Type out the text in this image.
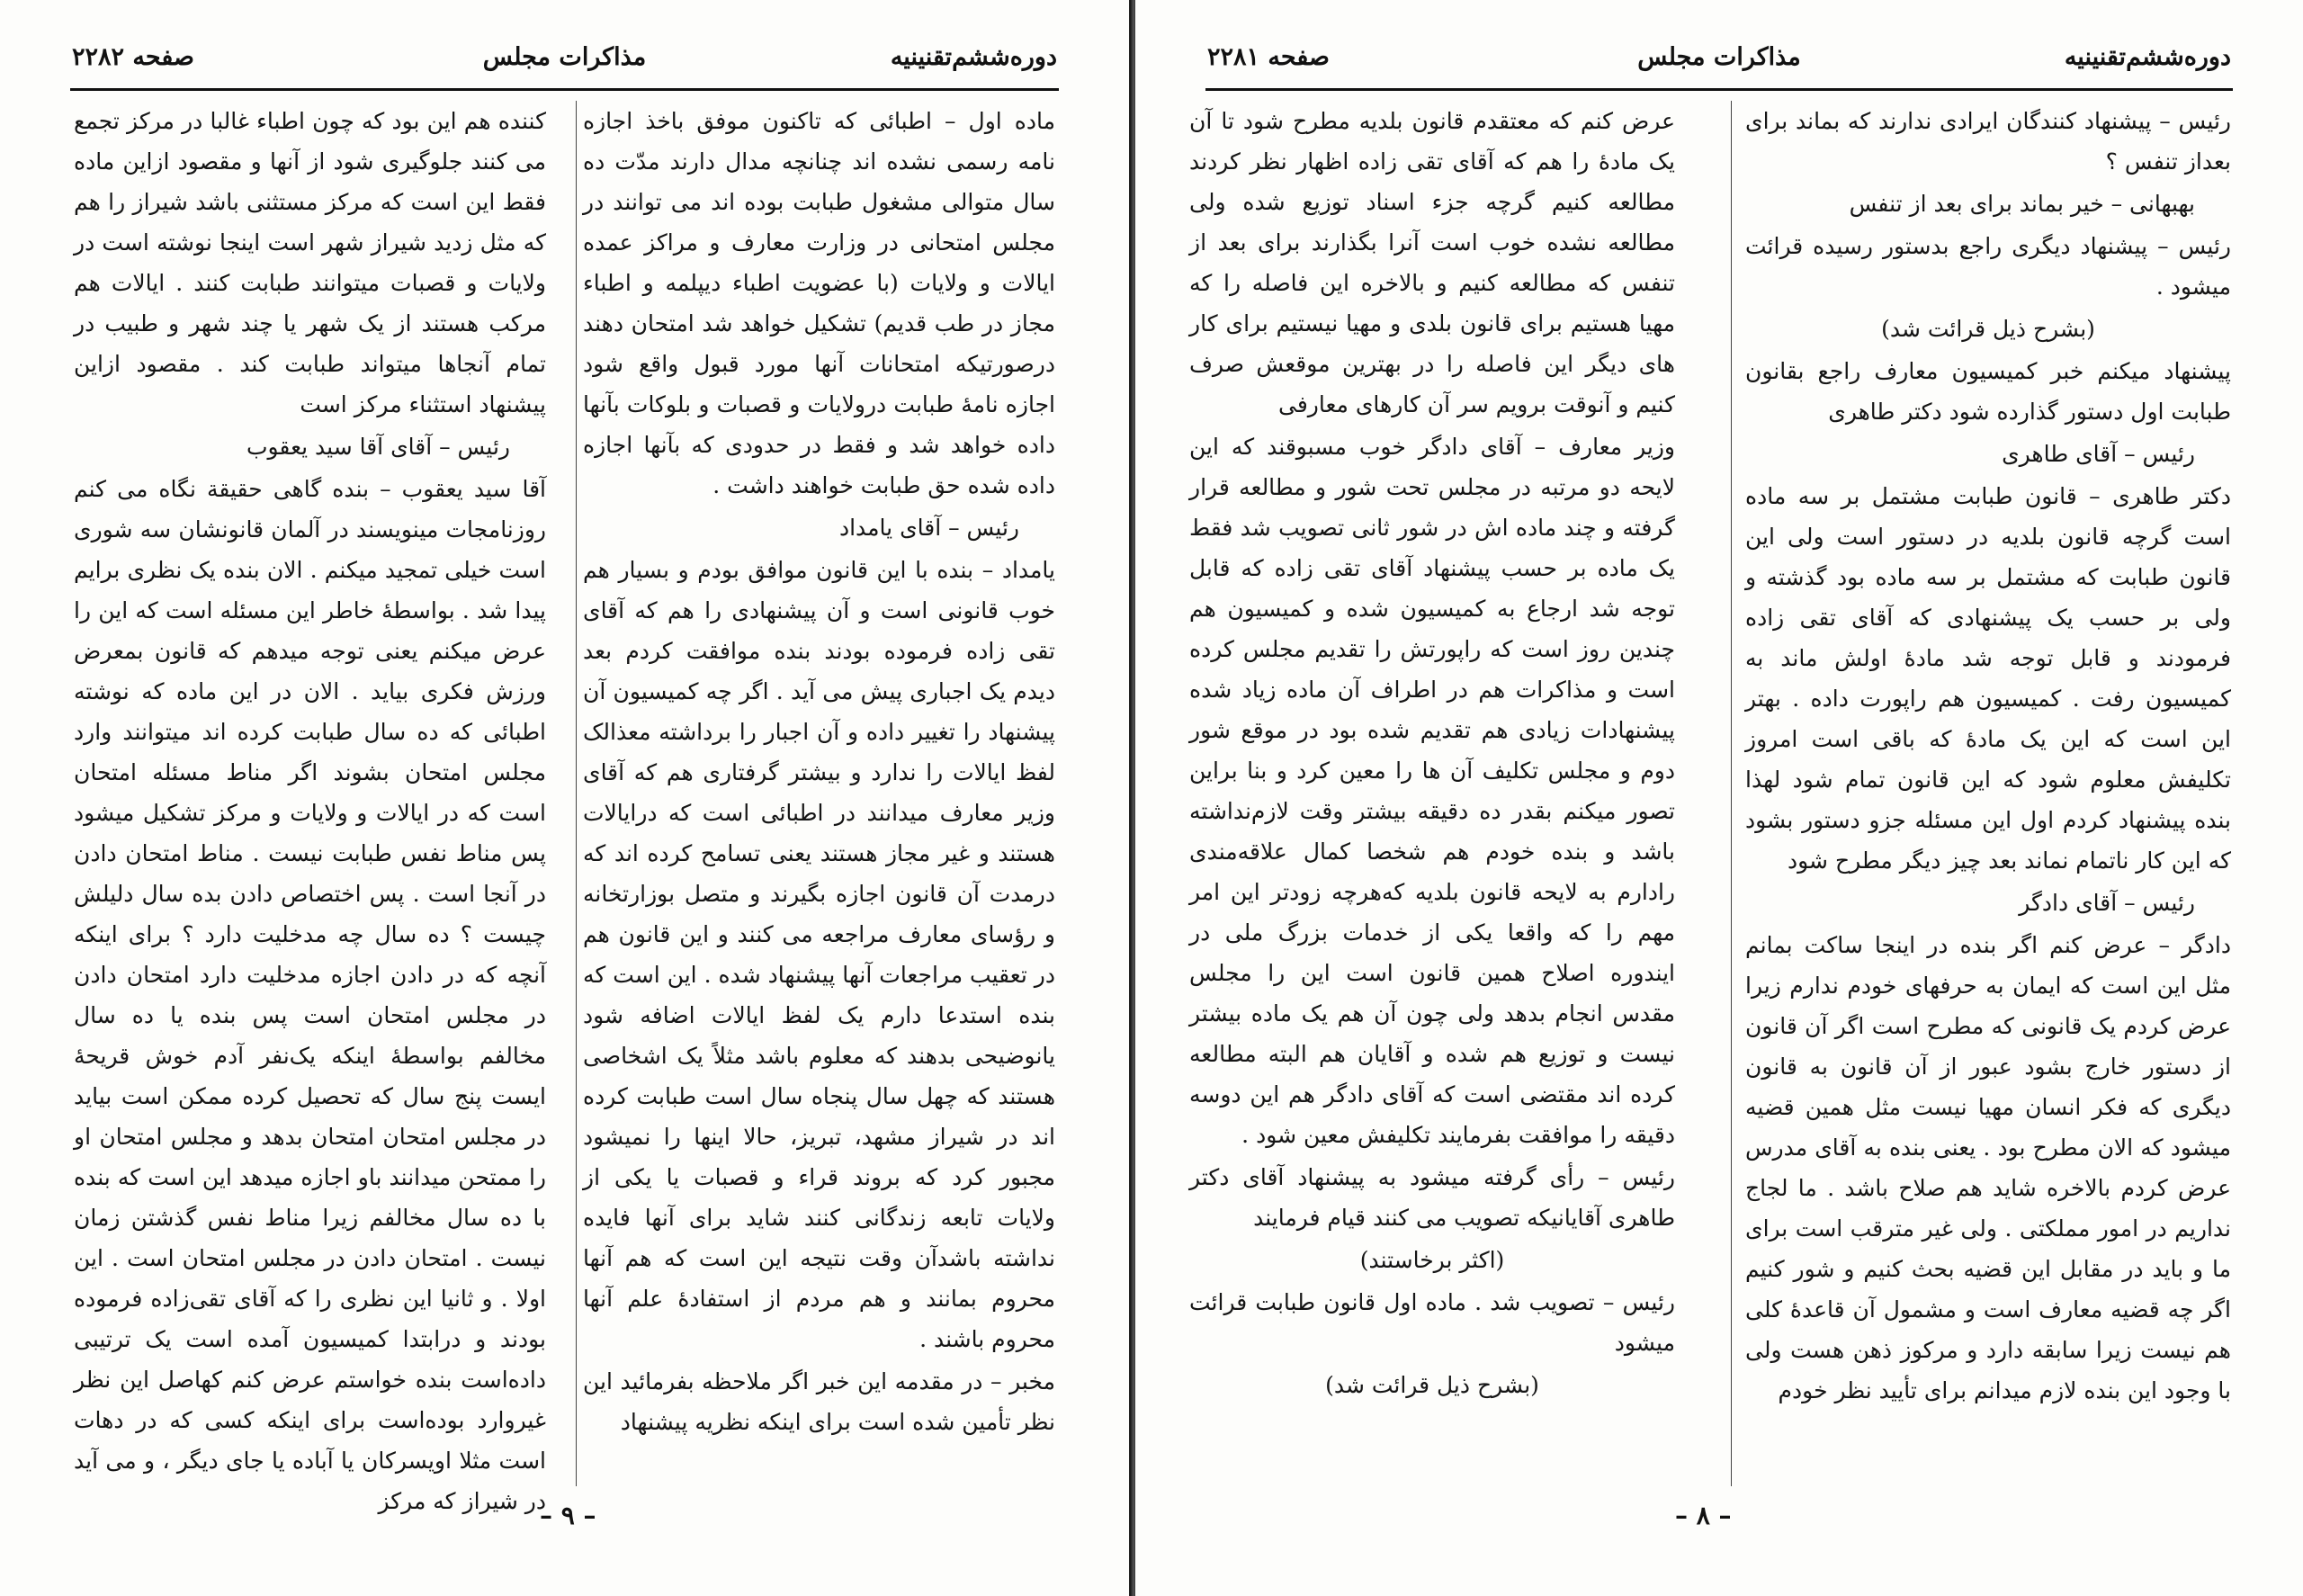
دوره‌ششم‌تقنینیه
مذاکرات مجلس
صفحه ۲۲۸۲

ماده اول – اطبائی که تاکنون موفق باخذ اجازه نامه رسمی نشده اند چنانچه مدال دارند مدّت ده سال متوالی مشغول طبابت بوده اند می توانند در مجلس امتحانی در وزارت معارف و مراکز عمده ایالات و ولایات (با عضویت اطباء دیپلمه و اطباء مجاز در طب قدیم) تشکیل خواهد شد امتحان دهند درصورتیکه امتحانات آنها مورد قبول واقع شود اجازه نامهٔ طبابت درولایات و قصبات و بلوکات بآنها داده خواهد شد و فقط در حدودی که بآنها اجازه داده شده حق طبابت خواهند داشت .

رئیس – آقای یامداد

یامداد – بنده با این قانون موافق بودم و بسیار هم خوب قانونی است و آن پیشنهادی را هم که آقای تقی زاده فرموده بودند بنده موافقت کردم بعد دیدم یک اجباری پیش می آید . اگر چه کمیسیون آن پیشنهاد را تغییر داده و آن اجبار را برداشته معذالک لفظ ایالات را ندارد و بیشتر گرفتاری هم که آقای وزیر معارف میدانند در اطبائی است که درایالات هستند و غیر مجاز هستند یعنی تسامح کرده اند که درمدت آن قانون اجازه بگیرند و متصل بوزارتخانه و رؤسای معارف مراجعه می کنند و این قانون هم در تعقیب مراجعات آنها پیشنهاد شده . این است که بنده استدعا دارم یک لفظ ایالات اضافه شود یانوضیحی بدهند که معلوم باشد مثلاً یک اشخاصی هستند که چهل سال پنجاه سال است طبابت کرده اند در شیراز مشهد، تبریز، حالا اینها را نمیشود مجبور کرد که بروند قراء و قصبات یا یکی از ولایات تابعه زندگانی کنند شاید برای آنها فایده نداشته باشدآن وقت نتیجه این است که هم آنها محروم بمانند و هم مردم از استفادهٔ علم آنها محروم باشند .

مخبر – در مقدمه این خبر اگر ملاحظه بفرمائید این نظر تأمین شده است برای اینکه نظریه پیشنهاد

کننده هم این بود که چون اطباء غالبا در مرکز تجمع می کنند جلوگیری شود از آنها و مقصود ازاین ماده فقط این است که مرکز مستثنی باشد شیراز را هم که مثل زدید شیراز شهر است اینجا نوشته است در ولایات و قصبات میتوانند طبابت کنند . ایالات هم مرکب هستند از یک شهر یا چند شهر و طبیب در تمام آنجاها میتواند طبابت کند . مقصود ازاین پیشنهاد استثناء مرکز است

رئیس – آقای آقا سید یعقوب

آقا سید یعقوب – بنده گاهی حقیقة نگاه می کنم روزنامجات مینویسند در آلمان قانونشان سه شوری است خیلی تمجید میکنم . الان بنده یک نظری برایم پیدا شد . بواسطهٔ خاطر این مسئله است که این را عرض میکنم یعنی توجه میدهم که قانون بمعرض ورزش فکری بیاید . الان در این ماده که نوشته اطبائی که ده سال طبابت کرده اند میتوانند وارد مجلس امتحان بشوند اگر مناط مسئله امتحان است که در ایالات و ولایات و مرکز تشکیل میشود پس مناط نفس طبابت نیست . مناط امتحان دادن در آنجا است . پس اختصاص دادن بده سال دلیلش چیست ؟ ده سال چه مدخلیت دارد ؟ برای اینکه آنچه که در دادن اجازه مدخلیت دارد امتحان دادن در مجلس امتحان است پس بنده یا ده سال مخالفم بواسطهٔ اینکه یک‌نفر آدم خوش قریحهٔ ایست پنج سال که تحصیل کرده ممکن است بیاید در مجلس امتحان امتحان بدهد و مجلس امتحان او را ممتحن میدانند باو اجازه میدهد این است که بنده با ده سال مخالفم زیرا مناط نفس گذشتن زمان نیست . امتحان دادن در مجلس امتحان است . این اولا . و ثانیا این نظری را که آقای تقی‌زاده فرموده بودند و درابتدا کمیسیون آمده است یک ترتیبی داده‌است بنده خواستم عرض کنم کهاصل این نظر غیروارد بوده‌است برای اینکه کسی که در دهات است مثلا اویسرکان یا آباده یا جای دیگر ، و می آید در شیراز که مرکز

– ۹ –
دوره‌ششم‌تقنینیه
مذاکرات مجلس
صفحه ۲۲۸۱

رئیس – پیشنهاد کنندگان ایرادی ندارند که بماند برای بعداز تنفس ؟

بهبهانی – خیر بماند برای بعد از تنفس

رئیس – پیشنهاد دیگری راجع بدستور رسیده قرائت میشود .

(بشرح ذیل قرائت شد)

پیشنهاد میکنم خبر کمیسیون معارف راجع بقانون طبابت اول دستور گذارده شود دکتر طاهری

رئیس – آقای طاهری

دکتر طاهری – قانون طبابت مشتمل بر سه ماده است گرچه قانون بلدیه در دستور است ولی این قانون طبابت که مشتمل بر سه ماده بود گذشته و ولی بر حسب یک پیشنهادی که آقای تقی زاده فرمودند و قابل توجه شد مادهٔ اولش ماند به کمیسیون رفت . کمیسیون هم راپورت داده . بهتر این است که این یک مادهٔ که باقی است امروز تکلیفش معلوم شود که این قانون تمام شود لهذا بنده پیشنهاد کردم اول این مسئله جزو دستور بشود که این کار ناتمام نماند بعد چیز دیگر مطرح شود

رئیس – آقای دادگر

دادگر – عرض کنم اگر بنده در اینجا ساکت بمانم مثل این است که ایمان به حرفهای خودم ندارم زیرا عرض کردم یک قانونی که مطرح است اگر آن قانون از دستور خارج بشود عبور از آن قانون به قانون دیگری که فکر انسان مهیا نیست مثل همین قضیه میشود که الان مطرح بود . یعنی بنده به آقای مدرس عرض کردم بالاخره شاید هم صلاح باشد . ما لجاج نداریم در امور مملکتی . ولی غیر مترقب است برای ما و باید در مقابل این قضیه بحث کنیم و شور کنیم اگر چه قضیه معارف است و مشمول آن قاعدهٔ کلی هم نیست زیرا سابقه دارد و مرکوز ذهن هست ولی با وجود این بنده لازم میدانم برای تأیید نظر خودم

عرض کنم که معتقدم قانون بلدیه مطرح شود تا آن یک مادهٔ را هم که آقای تقی زاده اظهار نظر کردند مطالعه کنیم گرچه جزء اسناد توزیع شده ولی مطالعه نشده خوب است آنرا بگذارند برای بعد از تنفس که مطالعه کنیم و بالاخره این فاصله را که مهیا هستیم برای قانون بلدی و مهیا نیستیم برای کار های دیگر این فاصله را در بهترین موقعش صرف کنیم و آنوقت برویم سر آن کارهای معارفی

وزیر معارف – آقای دادگر خوب مسبوقند که این لایحه دو مرتبه در مجلس تحت شور و مطالعه قرار گرفته و چند ماده اش در شور ثانی تصویب شد فقط یک ماده بر حسب پیشنهاد آقای تقی زاده که قابل توجه شد ارجاع به کمیسیون شده و کمیسیون هم چندین روز است که راپورتش را تقدیم مجلس کرده است و مذاکرات هم در اطراف آن ماده زیاد شده پیشنهادات زیادی هم تقدیم شده بود در موقع شور دوم و مجلس تکلیف آن ها را معین کرد و بنا براین تصور میکنم بقدر ده دقیقه بیشتر وقت لازم‌نداشته باشد و بنده خودم هم شخصا کمال علاقه‌مندی رادارم به لایحه قانون بلدیه که‌هرچه زودتر این امر مهم را که واقعا یکی از خدمات بزرگ ملی در ایندوره اصلاح همین قانون است این را مجلس مقدس انجام بدهد ولی چون آن هم یک ماده بیشتر نیست و توزیع هم شده و آقایان هم البته مطالعه کرده اند مقتضی است که آقای دادگر هم این دوسه دقیقه را موافقت بفرمایند تکلیفش معین شود .

رئیس – رأی گرفته میشود به پیشنهاد آقای دکتر طاهری آقایانیکه تصویب می کنند قیام فرمایند

(اکثر برخاستند)

رئیس – تصویب شد . ماده اول قانون طبابت قرائت میشود

(بشرح ذیل قرائت شد)

– ۸ –
